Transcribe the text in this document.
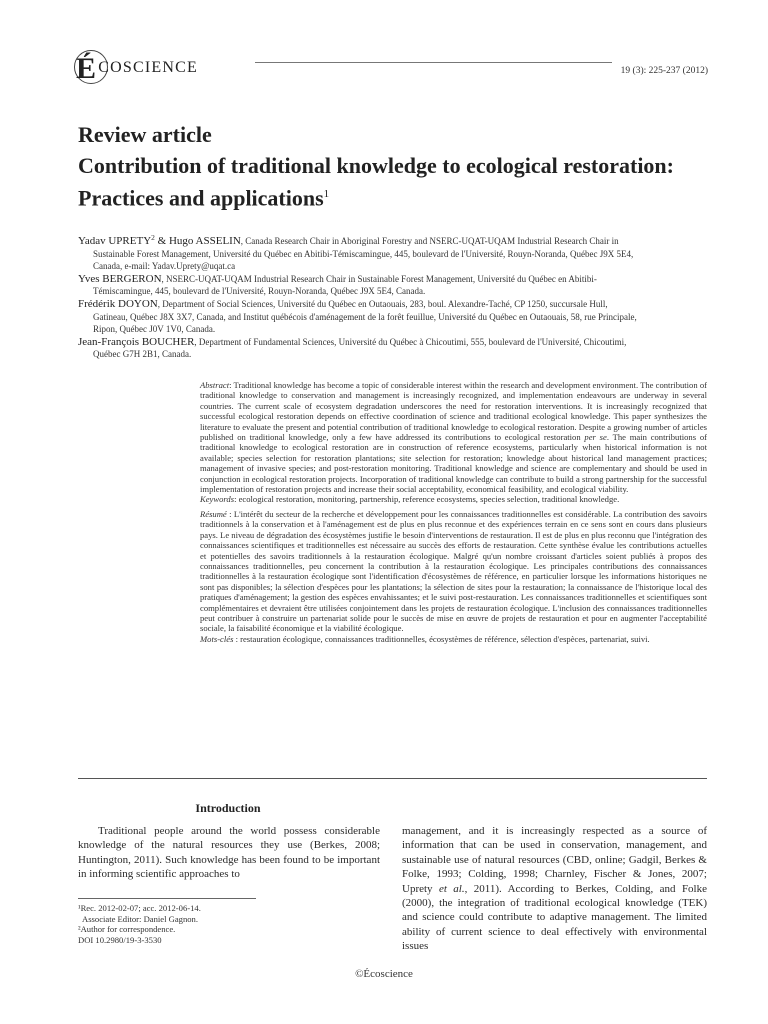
ÉCOSCIENCE	19 (3): 225-237 (2012)
Review article
Contribution of traditional knowledge to ecological restoration: Practices and applications$^1$
Yadav UPRETY$^2$ & Hugo ASSELIN, Canada Research Chair in Aboriginal Forestry and NSERC-UQAT-UQAM Industrial Research Chair in Sustainable Forest Management, Université du Québec en Abitibi-Témiscamingue, 445, boulevard de l'Université, Rouyn-Noranda, Québec J9X 5E4, Canada, e-mail: Yadav.Uprety@uqat.ca
Yves BERGERON, NSERC-UQAT-UQAM Industrial Research Chair in Sustainable Forest Management, Université du Québec en Abitibi-Témiscamingue, 445, boulevard de l'Université, Rouyn-Noranda, Québec J9X 5E4, Canada.
Frédérik DOYON, Department of Social Sciences, Université du Québec en Outaouais, 283, boul. Alexandre-Taché, CP 1250, succursale Hull, Gatineau, Québec J8X 3X7, Canada, and Institut québécois d'aménagement de la forêt feuillue, Université du Québec en Outaouais, 58, rue Principale, Ripon, Québec J0V 1V0, Canada.
Jean-François BOUCHER, Department of Fundamental Sciences, Université du Québec à Chicoutimi, 555, boulevard de l'Université, Chicoutimi, Québec G7H 2B1, Canada.

Abstract: Traditional knowledge has become a topic of considerable interest within the research and development environment. The contribution of traditional knowledge to conservation and management is increasingly recognized, and implementation endeavours are underway in several countries. The current scale of ecosystem degradation underscores the need for restoration interventions. It is increasingly recognized that successful ecological restoration depends on effective coordination of science and traditional ecological knowledge. This paper synthesizes the literature to evaluate the present and potential contribution of traditional knowledge to ecological restoration. Despite a growing number of articles published on traditional knowledge, only a few have addressed its contributions to ecological restoration per se. The main contributions of traditional knowledge to ecological restoration are in construction of reference ecosystems, particularly when historical information is not available; species selection for restoration plantations; site selection for restoration; knowledge about historical land management practices; management of invasive species; and post-restoration monitoring. Traditional knowledge and science are complementary and should be used in conjunction in ecological restoration projects. Incorporation of traditional knowledge can contribute to build a strong partnership for the successful implementation of restoration projects and increase their social acceptability, economical feasibility, and ecological viability.
Keywords: ecological restoration, monitoring, partnership, reference ecosystems, species selection, traditional knowledge.

Résumé : L'intérêt du secteur de la recherche et développement pour les connaissances traditionnelles est considérable. La contribution des savoirs traditionnels à la conservation et à l'aménagement est de plus en plus reconnue et des expériences terrain en ce sens sont en cours dans plusieurs pays. Le niveau de dégradation des écosystèmes justifie le besoin d'interventions de restauration. Il est de plus en plus reconnu que l'intégration des connaissances scientifiques et traditionnelles est nécessaire au succès des efforts de restauration. Cette synthèse évalue les contributions actuelles et potentielles des savoirs traditionnels à la restauration écologique. Malgré qu'un nombre croissant d'articles soient publiés à propos des connaissances traditionnelles, peu concernent la contribution à la restauration écologique. Les principales contributions des connaissances traditionnelles à la restauration écologique sont l'identification d'écosystèmes de référence, en particulier lorsque les informations historiques ne sont pas disponibles; la sélection d'espèces pour les plantations; la sélection de sites pour la restauration; la connaissance de l'historique local des pratiques d'aménagement; la gestion des espèces envahissantes; et le suivi post-restauration. Les connaissances traditionnelles et scientifiques sont complémentaires et devraient être utilisées conjointement dans les projets de restauration écologique. L'inclusion des connaissances traditionnelles peut contribuer à construire un partenariat solide pour le succès de mise en œuvre de projets de restauration et pour en augmenter l'acceptabilité sociale, la faisabilité économique et la viabilité écologique.
Mots-clés : restauration écologique, connaissances traditionnelles, écosystèmes de référence, sélection d'espèces, partenariat, suivi.

Introduction
Traditional people around the world possess considerable knowledge of the natural resources they use (Berkes, 2008; Huntington, 2011). Such knowledge has been found to be important in informing scientific approaches to
management, and it is increasingly respected as a source of information that can be used in conservation, management, and sustainable use of natural resources (CBD, online; Gadgil, Berkes & Folke, 1993; Colding, 1998; Charnley, Fischer & Jones, 2007; Uprety et al., 2011). According to Berkes, Colding, and Folke (2000), the integration of traditional ecological knowledge (TEK) and science could contribute to adaptive management. The limited ability of current science to deal effectively with environmental issues
¹Rec. 2012-02-07; acc. 2012-06-14.
Associate Editor: Daniel Gagnon.
²Author for correspondence.
DOI 10.2980/19-3-3530
©Écoscience
